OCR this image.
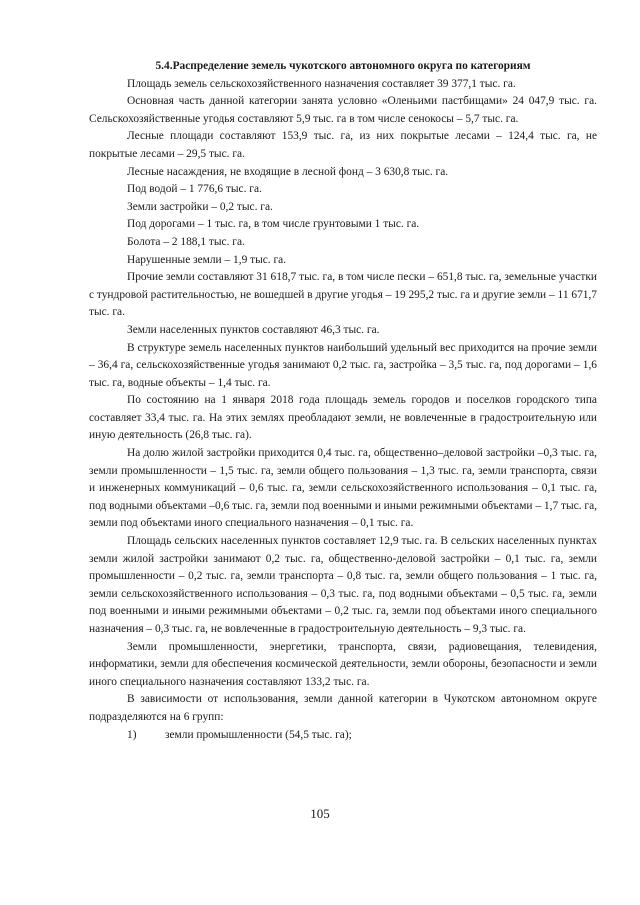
5.4.Распределение земель чукотского автономного округа по категориям

Площадь земель сельскохозяйственного назначения составляет 39 377,1 тыс. га.

Основная часть данной категории занята условно «Оленьими пастбищами» 24 047,9 тыс. га. Сельскохозяйственные угодья составляют 5,9 тыс. га в том числе сенокосы – 5,7 тыс. га.

Лесные площади составляют 153,9 тыс. га, из них покрытые лесами – 124,4 тыс. га, не покрытые лесами – 29,5 тыс. га.

Лесные насаждения, не входящие в лесной фонд – 3 630,8 тыс. га.

Под водой – 1 776,6 тыс. га.

Земли застройки – 0,2 тыс. га.

Под дорогами – 1 тыс. га, в том числе грунтовыми 1 тыс. га.

Болота – 2 188,1 тыс. га.

Нарушенные земли – 1,9 тыс. га.

Прочие земли составляют 31 618,7 тыс. га, в том числе пески – 651,8 тыс. га, земельные участки с тундровой растительностью, не вошедшей в другие угодья – 19 295,2 тыс. га и другие земли – 11 671,7 тыс. га.

Земли населенных пунктов составляют 46,3 тыс. га.

В структуре земель населенных пунктов наибольший удельный вес приходится на прочие земли – 36,4 га, сельскохозяйственные угодья занимают 0,2 тыс. га, застройка – 3,5 тыс. га, под дорогами – 1,6 тыс. га, водные объекты – 1,4 тыс. га.

По состоянию на 1 января 2018 года площадь земель городов и поселков городского типа составляет 33,4 тыс. га. На этих землях преобладают земли, не вовлеченные в градостроительную или иную деятельность (26,8 тыс. га).

На долю жилой застройки приходится 0,4 тыс. га, общественно–деловой застройки –0,3 тыс. га, земли промышленности – 1,5 тыс. га, земли общего пользования – 1,3 тыс. га, земли транспорта, связи и инженерных коммуникаций – 0,6 тыс. га, земли сельскохозяйственного использования – 0,1 тыс. га, под водными объектами –0,6 тыс. га, земли под военными и иными режимными объектами – 1,7 тыс. га, земли под объектами иного специального назначения – 0,1 тыс. га.

Площадь сельских населенных пунктов составляет 12,9 тыс. га. В сельских населенных пунктах земли жилой застройки занимают 0,2 тыс. га, общественно-деловой застройки – 0,1 тыс. га, земли промышленности – 0,2 тыс. га, земли транспорта – 0,8 тыс. га, земли общего пользования – 1 тыс. га, земли сельскохозяйственного использования – 0,3 тыс. га, под водными объектами – 0,5 тыс. га, земли под военными и иными режимными объектами – 0,2 тыс. га, земли под объектами иного специального назначения – 0,3 тыс. га, не вовлеченные в градостроительную деятельность – 9,3 тыс. га.

Земли промышленности, энергетики, транспорта, связи, радиовещания, телевидения, информатики, земли для обеспечения космической деятельности, земли обороны, безопасности и земли иного специального назначения составляют 133,2 тыс. га.

В зависимости от использования, земли данной категории в Чукотском автономном округе подразделяются на 6 групп:

1)	земли промышленности (54,5 тыс. га);
105
